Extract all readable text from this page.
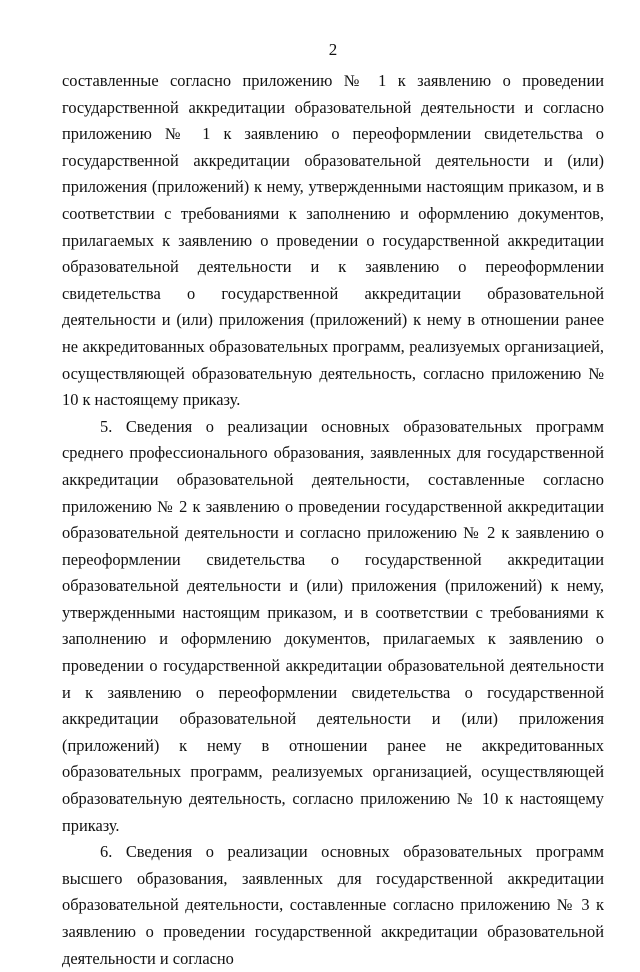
2

составленные согласно приложению № 1 к заявлению о проведении государственной аккредитации образовательной деятельности и согласно приложению № 1 к заявлению о переоформлении свидетельства о государственной аккредитации образовательной деятельности и (или) приложения (приложений) к нему, утвержденными настоящим приказом, и в соответствии с требованиями к заполнению и оформлению документов, прилагаемых к заявлению о проведении о государственной аккредитации образовательной деятельности и к заявлению о переоформлении свидетельства о государственной аккредитации образовательной деятельности и (или) приложения (приложений) к нему в отношении ранее не аккредитованных образовательных программ, реализуемых организацией, осуществляющей образовательную деятельность, согласно приложению № 10 к настоящему приказу.

5. Сведения о реализации основных образовательных программ среднего профессионального образования, заявленных для государственной аккредитации образовательной деятельности, составленные согласно приложению № 2 к заявлению о проведении государственной аккредитации образовательной деятельности и согласно приложению № 2 к заявлению о переоформлении свидетельства о государственной аккредитации образовательной деятельности и (или) приложения (приложений) к нему, утвержденными настоящим приказом, и в соответствии с требованиями к заполнению и оформлению документов, прилагаемых к заявлению о проведении о государственной аккредитации образовательной деятельности и к заявлению о переоформлении свидетельства о государственной аккредитации образовательной деятельности и (или) приложения (приложений) к нему в отношении ранее не аккредитованных образовательных программ, реализуемых организацией, осуществляющей образовательную деятельность, согласно приложению № 10 к настоящему приказу.

6. Сведения о реализации основных образовательных программ высшего образования, заявленных для государственной аккредитации образовательной деятельности, составленные согласно приложению № 3 к заявлению о проведении государственной аккредитации образовательной деятельности и согласно
